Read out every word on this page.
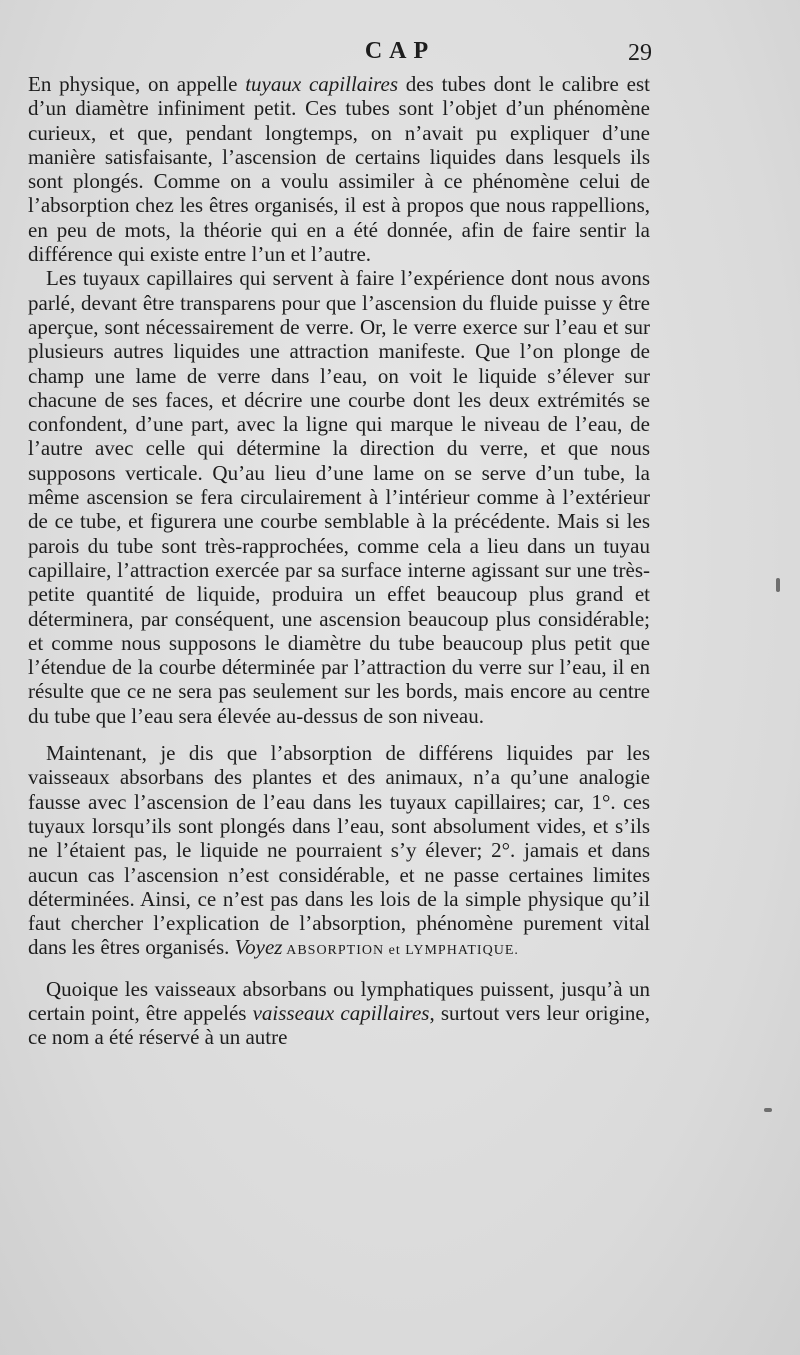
CAP	29

En physique, on appelle tuyaux capillaires des tubes dont le calibre est d’un diamètre infiniment petit. Ces tubes sont l’objet d’un phénomène curieux, et que, pendant longtemps, on n’avait pu expliquer d’une manière satisfaisante, l’ascension de certains liquides dans lesquels ils sont plongés. Comme on a voulu assimiler à ce phénomène celui de l’absorption chez les êtres organisés, il est à propos que nous rappellions, en peu de mots, la théorie qui en a été donnée, afin de faire sentir la différence qui existe entre l’un et l’autre.

Les tuyaux capillaires qui servent à faire l’expérience dont nous avons parlé, devant être transparens pour que l’ascension du fluide puisse y être aperçue, sont nécessairement de verre. Or, le verre exerce sur l’eau et sur plusieurs autres liquides une attraction manifeste. Que l’on plonge de champ une lame de verre dans l’eau, on voit le liquide s’élever sur chacune de ses faces, et décrire une courbe dont les deux extrémités se confondent, d’une part, avec la ligne qui marque le niveau de l’eau, de l’autre avec celle qui détermine la direction du verre, et que nous supposons verticale. Qu’au lieu d’une lame on se serve d’un tube, la même ascension se fera circulairement à l’intérieur comme à l’extérieur de ce tube, et figurera une courbe semblable à la précédente. Mais si les parois du tube sont très-rapprochées, comme cela a lieu dans un tuyau capillaire, l’attraction exercée par sa surface interne agissant sur une très-petite quantité de liquide, produira un effet beaucoup plus grand et déterminera, par conséquent, une ascension beaucoup plus considérable; et comme nous supposons le diamètre du tube beaucoup plus petit que l’étendue de la courbe déterminée par l’attraction du verre sur l’eau, il en résulte que ce ne sera pas seulement sur les bords, mais encore au centre du tube que l’eau sera élevée au-dessus de son niveau.

Maintenant, je dis que l’absorption de différens liquides par les vaisseaux absorbans des plantes et des animaux, n’a qu’une analogie fausse avec l’ascension de l’eau dans les tuyaux capillaires; car, 1°. ces tuyaux lorsqu’ils sont plongés dans l’eau, sont absolument vides, et s’ils ne l’étaient pas, le liquide ne pourraient s’y élever; 2°. jamais et dans aucun cas l’ascension n’est considérable, et ne passe certaines limites déterminées. Ainsi, ce n’est pas dans les lois de la simple physique qu’il faut chercher l’explication de l’absorption, phénomène purement vital dans les êtres organisés. Voyez ABSORPTION et LYMPHATIQUE.

Quoique les vaisseaux absorbans ou lymphatiques puissent, jusqu’à un certain point, être appelés vaisseaux capillaires, surtout vers leur origine, ce nom a été réservé à un autre
